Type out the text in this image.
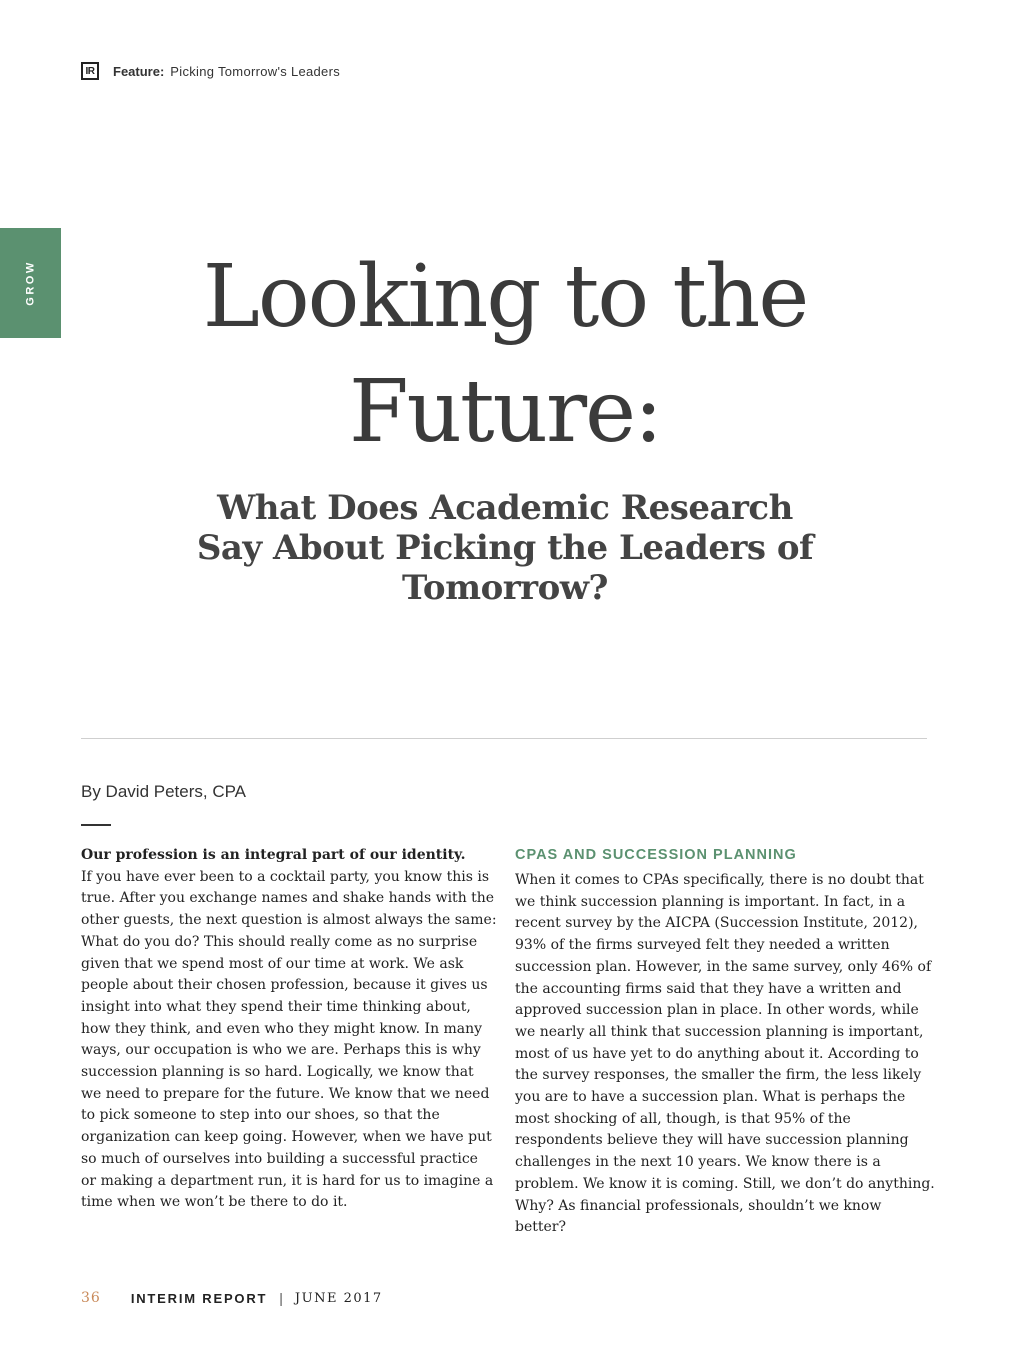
IR	Feature: Picking Tomorrow's Leaders
GROW	Looking to the
Future:
What Does Academic Research
Say About Picking the Leaders of Tomorrow?
By David Peters, CPA

Our profession is an integral part of our identity.

If you have ever been to a cocktail party, you know this is true. After you exchange names and shake hands with the other guests, the next question is almost always the same: What do you do? This should really come as no surprise given that we spend most of our time at work. We ask people about their chosen profession, because it gives us insight into what they spend their time thinking about, how they think, and even who they might know. In many ways, our occupation is who we are. Perhaps this is why succession planning is so hard. Logically, we know that we need to prepare for the future. We know that we need to pick someone to step into our shoes, so that the organization can keep going. However, when we have put so much of ourselves into building a successful practice or making a department run, it is hard for us to imagine a time when we won’t be there to do it.

CPAS AND SUCCESSION PLANNING

When it comes to CPAs specifically, there is no doubt that we think succession planning is important. In fact, in a recent survey by the AICPA (Succession Institute, 2012), 93% of the firms surveyed felt they needed a written succession plan. However, in the same survey, only 46% of the accounting firms said that they have a written and approved succession plan in place. In other words, while we nearly all think that succession planning is important, most of us have yet to do anything about it. According to the survey responses, the smaller the firm, the less likely you are to have a succession plan. What is perhaps the most shocking of all, though, is that 95% of the respondents believe they will have succession planning challenges in the next 10 years. We know there is a problem. We know it is coming. Still, we don’t do anything. Why? As financial professionals, shouldn’t we know better?

36 INTERIM REPORT | JUNE 2017
